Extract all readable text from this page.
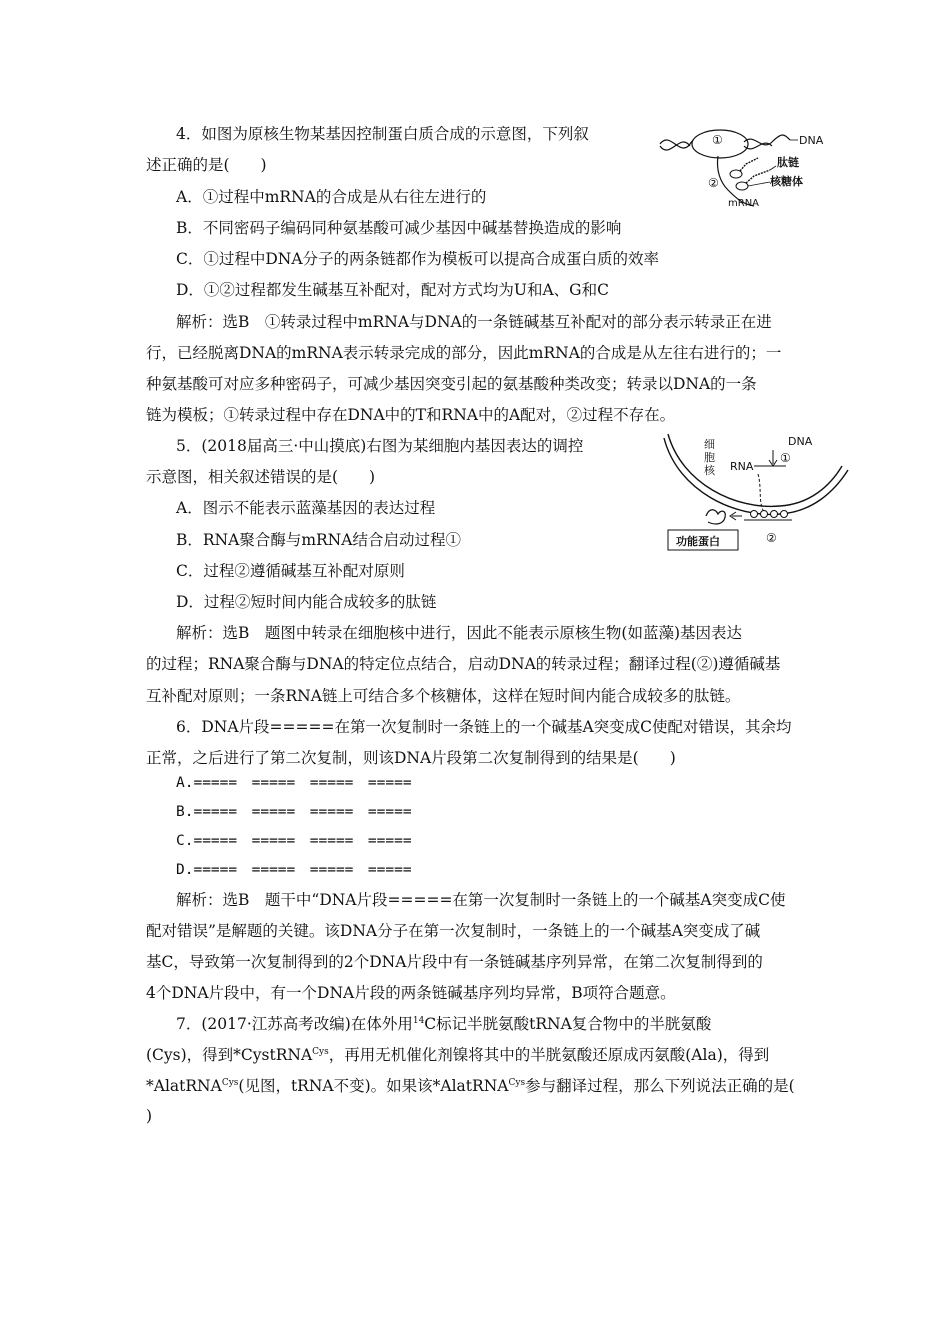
4．如图为原核生物某基因控制蛋白质合成的示意图，下列叙
述正确的是(　　)
A．①过程中mRNA的合成是从右往左进行的
B．不同密码子编码同种氨基酸可减少基因中碱基替换造成的影响
C．①过程中DNA分子的两条链都作为模板可以提高合成蛋白质的效率
D．①②过程都发生碱基互补配对，配对方式均为U和A、G和C
解析：选B　①转录过程中mRNA与DNA的一条链碱基互补配对的部分表示转录正在进
行，已经脱离DNA的mRNA表示转录完成的部分，因此mRNA的合成是从左往右进行的；一
种氨基酸可对应多种密码子，可减少基因突变引起的氨基酸种类改变；转录以DNA的一条
链为模板；①转录过程中存在DNA中的T和RNA中的A配对，②过程不存在。
①	DNA
肽链
核糖体
②
mRNA
5．(2018届高三·中山摸底)右图为某细胞内基因表达的调控
示意图，相关叙述错误的是(　　)
A．图示不能表示蓝藻基因的表达过程
B．RNA聚合酶与mRNA结合启动过程①
C．过程②遵循碱基互补配对原则
D．过程②短时间内能合成较多的肽链
解析：选B　题图中转录在细胞核中进行，因此不能表示原核生物(如蓝藻)基因表达
的过程；RNA聚合酶与DNA的特定位点结合，启动DNA的转录过程；翻译过程(②)遵循碱基
互补配对原则；一条RNA链上可结合多个核糖体，这样在短时间内能合成较多的肽链。
细
胞
核
DNA
①
RNA
②
功能蛋白
6．DNA片段=====在第一次复制时一条链上的一个碱基A突变成C使配对错误，其余均
正常，之后进行了第二次复制，则该DNA片段第二次复制得到的结果是(　　)
A.=====　=====　=====　=====
B.=====　=====　=====　=====
C.=====　=====　=====　=====
D.=====　=====　=====　=====
解析：选B　题干中“DNA片段=====在第一次复制时一条链上的一个碱基A突变成C使
配对错误”是解题的关键。该DNA分子在第一次复制时，一条链上的一个碱基A突变成了碱
基C，导致第一次复制得到的2个DNA片段中有一条链碱基序列异常，在第二次复制得到的
4个DNA片段中，有一个DNA片段的两条链碱基序列均异常，B项符合题意。
7．(2017·江苏高考改编)在体外用$^{14}$C标记半胱氨酸tRNA复合物中的半胱氨酸
(Cys)，得到*CystRNA$^{Cys}$，再用无机催化剂镍将其中的半胱氨酸还原成丙氨酸(Ala)，得到
*AlatRNA$^{Cys}$(见图，tRNA不变)。如果该*AlatRNA$^{Cys}$参与翻译过程，那么下列说法正确的是(
)
